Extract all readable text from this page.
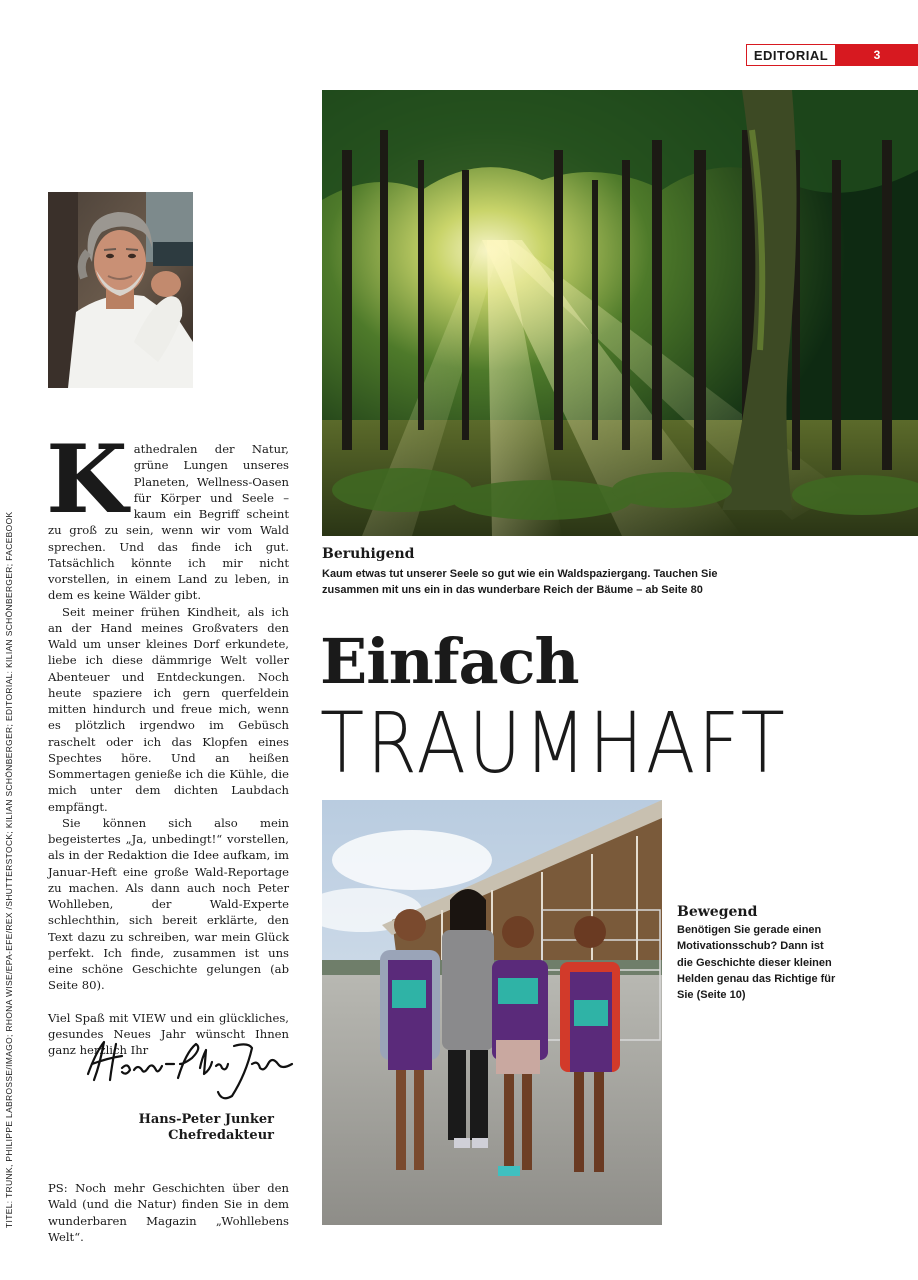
EDITORIAL	3
TITEL: TRUNK, PHILIPPE LABROSSE/IMAGO; RHONA WISE/EPA-EFE/REX /SHUTTERSTOCK; KILIAN SCHÖNBERGER; EDITORIAL: KILIAN SCHÖNBERGER; FACEBOOK

Kathedralen der Natur, grüne Lungen unseres Planeten, Wellness-Oasen für Körper und Seele – kaum ein Begriff scheint zu groß zu sein, wenn wir vom Wald sprechen. Und das finde ich gut. Tatsächlich könnte ich mir nicht vorstellen, in einem Land zu leben, in dem es keine Wälder gibt.

Seit meiner frühen Kindheit, als ich an der Hand meines Großvaters den Wald um unser kleines Dorf erkundete, liebe ich diese dämmrige Welt voller Abenteuer und Entdeckungen. Noch heute spaziere ich gern querfeldein mitten hindurch und freue mich, wenn es plötzlich irgendwo im Gebüsch raschelt oder ich das Klopfen eines Spechtes höre. Und an heißen Sommertagen genieße ich die Kühle, die mich unter dem dichten Laubdach empfängt.

Sie können sich also mein begeistertes „Ja, unbedingt!“ vorstellen, als in der Redaktion die Idee aufkam, im Januar-Heft eine große Wald-Reportage zu machen. Als dann auch noch Peter Wohlleben, der Wald-Experte schlechthin, sich bereit erklärte, den Text dazu zu schreiben, war mein Glück perfekt. Ich finde, zusammen ist uns eine schöne Geschichte gelungen (ab Seite 80).

Viel Spaß mit VIEW und ein glückliches, gesundes Neues Jahr wünscht Ihnen ganz herzlich Ihr

Hans-Peter Junker
Chefredakteur
PS: Noch mehr Geschichten über den Wald (und die Natur) finden Sie in dem wunderbaren Magazin „Wohllebens Welt“.
Beruhigend
Kaum etwas tut unserer Seele so gut wie ein Waldspaziergang. Tauchen Sie zusammen mit uns ein in das wunderbare Reich der Bäume – ab Seite 80
Einfach
TRAUMHAFT
Bewegend
Benötigen Sie gerade einen Motivationsschub? Dann ist die Geschichte dieser kleinen Helden genau das Richtige für Sie (Seite 10)
